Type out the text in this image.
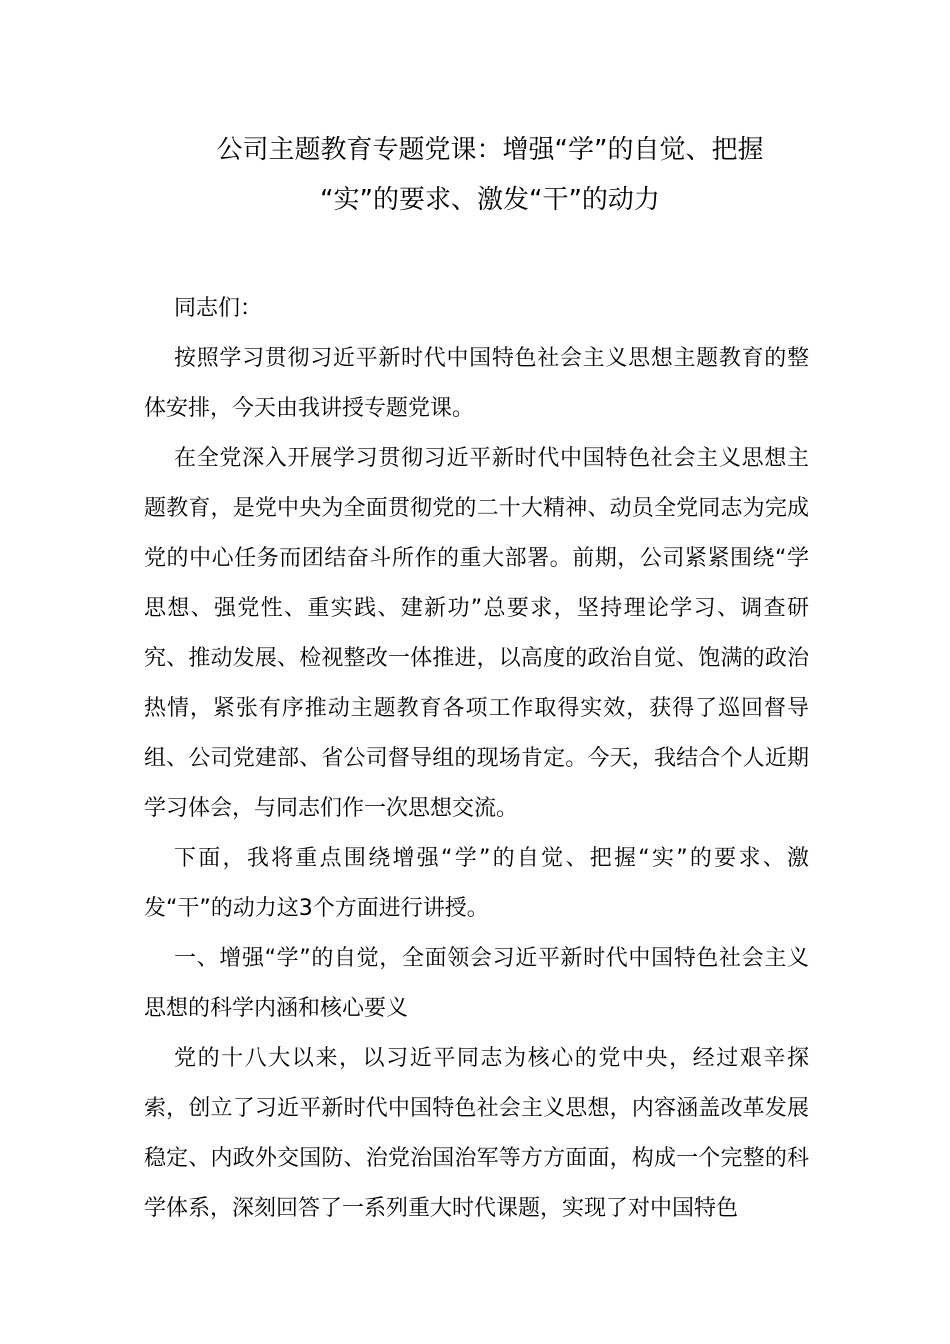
公司主题教育专题党课：增强“学”的自觉、把握
“实”的要求、激发“干”的动力

同志们：

按照学习贯彻习近平新时代中国特色社会主义思想主题教育的整体安排，今天由我讲授专题党课。

在全党深入开展学习贯彻习近平新时代中国特色社会主义思想主题教育，是党中央为全面贯彻党的二十大精神、动员全党同志为完成党的中心任务而团结奋斗所作的重大部署。前期，公司紧紧围绕“学思想、强党性、重实践、建新功”总要求，坚持理论学习、调查研究、推动发展、检视整改一体推进，以高度的政治自觉、饱满的政治热情，紧张有序推动主题教育各项工作取得实效，获得了巡回督导组、公司党建部、省公司督导组的现场肯定。今天，我结合个人近期学习体会，与同志们作一次思想交流。

下面，我将重点围绕增强“学”的自觉、把握“实”的要求、激发“干”的动力这3个方面进行讲授。

一、增强“学”的自觉，全面领会习近平新时代中国特色社会主义思想的科学内涵和核心要义

党的十八大以来，以习近平同志为核心的党中央，经过艰辛探索，创立了习近平新时代中国特色社会主义思想，内容涵盖改革发展稳定、内政外交国防、治党治国治军等方方面面，构成一个完整的科学体系，深刻回答了一系列重大时代课题，实现了对中国特色
